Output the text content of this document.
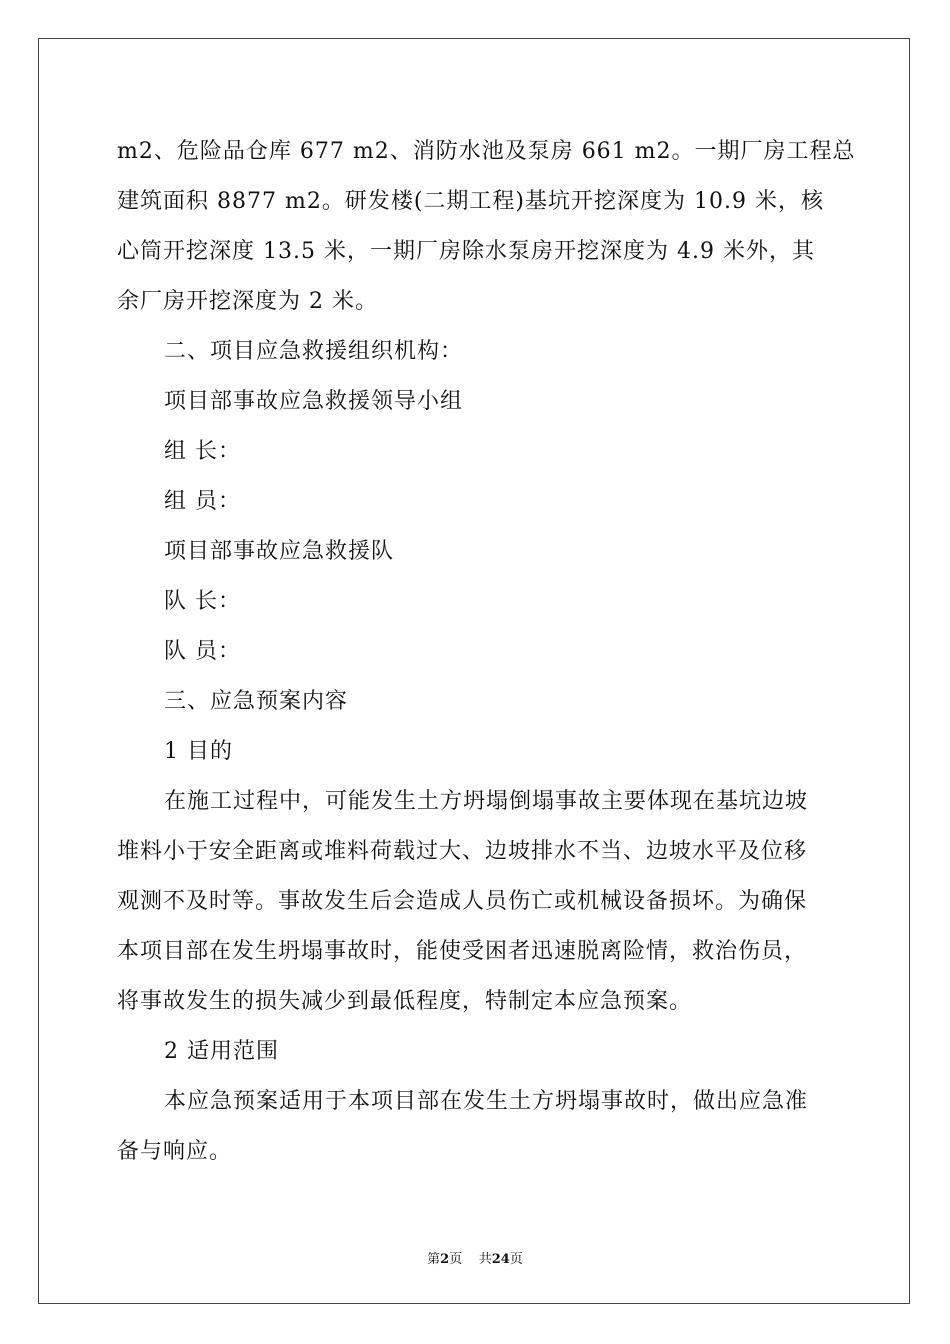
m2、危险品仓库 677 m2、消防水池及泵房 661 m2。一期厂房工程总
建筑面积 8877 m2。研发楼(二期工程)基坑开挖深度为 10.9 米，核
心筒开挖深度 13.5 米，一期厂房除水泵房开挖深度为 4.9 米外，其
余厂房开挖深度为 2 米。
二、项目应急救援组织机构：
项目部事故应急救援领导小组
组 长：
组 员：
项目部事故应急救援队
队 长：
队 员：
三、应急预案内容
1 目的
在施工过程中，可能发生土方坍塌倒塌事故主要体现在基坑边坡
堆料小于安全距离或堆料荷载过大、边坡排水不当、边坡水平及位移
观测不及时等。事故发生后会造成人员伤亡或机械设备损坏。为确保
本项目部在发生坍塌事故时，能使受困者迅速脱离险情，救治伤员，
将事故发生的损失减少到最低程度，特制定本应急预案。
2 适用范围
本应急预案适用于本项目部在发生土方坍塌事故时，做出应急准
备与响应。
第2页 共24页
